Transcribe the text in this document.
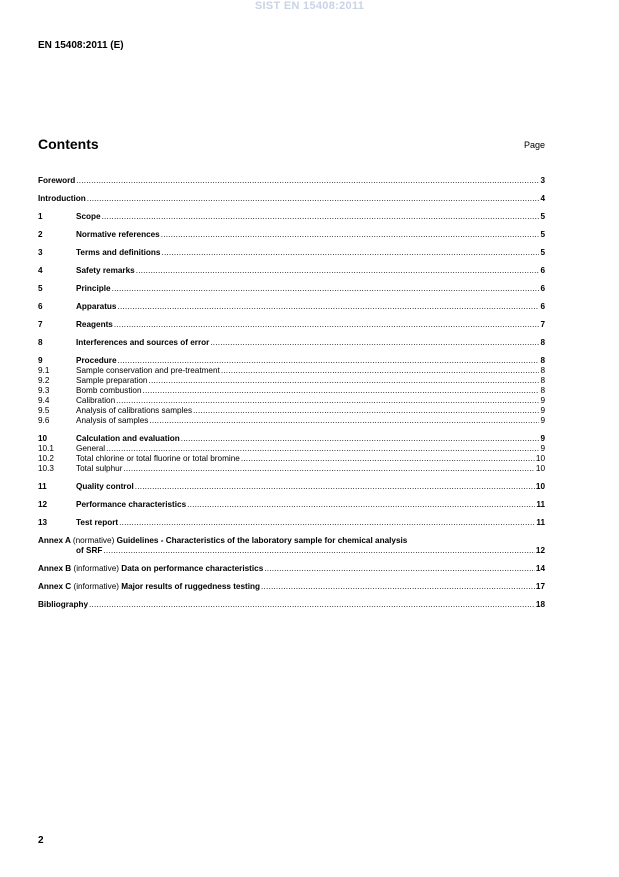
SIST EN 15408:2011
EN 15408:2011 (E)
Contents	Page
Foreword .....	3
Introduction .....	4
1	Scope .....	5
2	Normative references .....	5
3	Terms and definitions .....	5
4	Safety remarks .....	6
5	Principle .....	6
6	Apparatus .....	6
7	Reagents .....	7
8	Interferences and sources of error .....	8
9	Procedure .....	8
9.1	Sample conservation and pre-treatment .....	8
9.2	Sample preparation .....	8
9.3	Bomb combustion .....	8
9.4	Calibration .....	9
9.5	Analysis of calibrations samples .....	9
9.6	Analysis of samples .....	9
10	Calculation and evaluation .....	9
10.1	General .....	9
10.2	Total chlorine or total fluorine or total bromine .....	10
10.3	Total sulphur .....	10
11	Quality control .....	10
12	Performance characteristics .....	11
13	Test report .....	11
Annex A (normative) Guidelines - Characteristics of the laboratory sample for chemical analysis
of SRF .....	12
Annex B (informative) Data on performance characteristics .....	14
Annex C (informative) Major results of ruggedness testing .....	17
Bibliography .....	18
2
